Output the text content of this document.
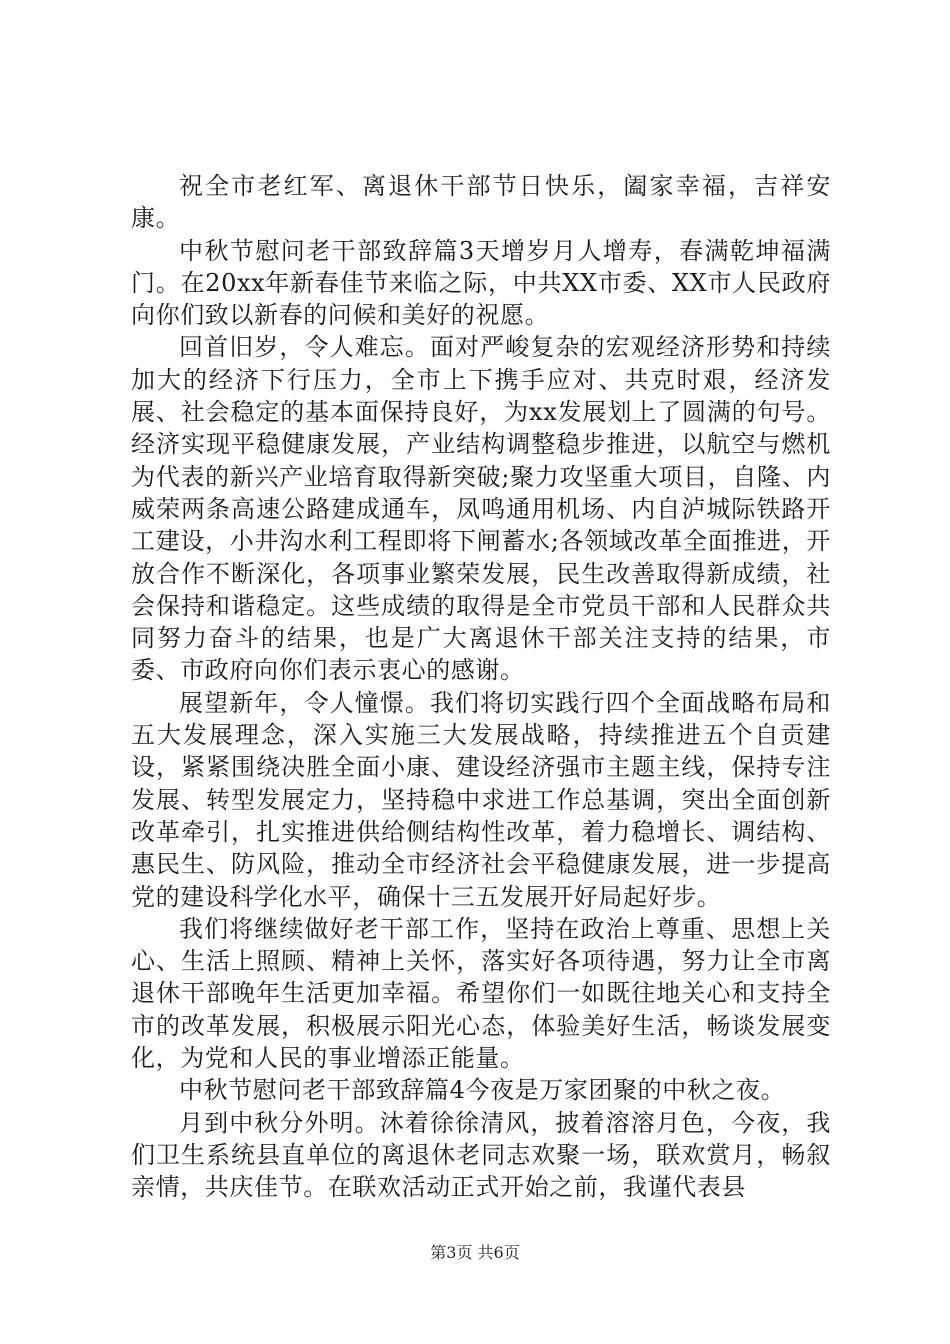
祝全市老红军、离退休干部节日快乐，阖家幸福，吉祥安康。

中秋节慰问老干部致辞篇3天增岁月人增寿，春满乾坤福满门。在20xx年新春佳节来临之际，中共XX市委、XX市人民政府向你们致以新春的问候和美好的祝愿。

回首旧岁，令人难忘。面对严峻复杂的宏观经济形势和持续加大的经济下行压力，全市上下携手应对、共克时艰，经济发展、社会稳定的基本面保持良好，为xx发展划上了圆满的句号。经济实现平稳健康发展，产业结构调整稳步推进，以航空与燃机为代表的新兴产业培育取得新突破;聚力攻坚重大项目，自隆、内威荣两条高速公路建成通车，凤鸣通用机场、内自泸城际铁路开工建设，小井沟水利工程即将下闸蓄水;各领域改革全面推进，开放合作不断深化，各项事业繁荣发展，民生改善取得新成绩，社会保持和谐稳定。这些成绩的取得是全市党员干部和人民群众共同努力奋斗的结果，也是广大离退休干部关注支持的结果，市委、市政府向你们表示衷心的感谢。

展望新年，令人憧憬。我们将切实践行四个全面战略布局和五大发展理念，深入实施三大发展战略，持续推进五个自贡建设，紧紧围绕决胜全面小康、建设经济强市主题主线，保持专注发展、转型发展定力，坚持稳中求进工作总基调，突出全面创新改革牵引，扎实推进供给侧结构性改革，着力稳增长、调结构、惠民生、防风险，推动全市经济社会平稳健康发展，进一步提高党的建设科学化水平，确保十三五发展开好局起好步。

我们将继续做好老干部工作，坚持在政治上尊重、思想上关心、生活上照顾、精神上关怀，落实好各项待遇，努力让全市离退休干部晚年生活更加幸福。希望你们一如既往地关心和支持全市的改革发展，积极展示阳光心态，体验美好生活，畅谈发展变化，为党和人民的事业增添正能量。

中秋节慰问老干部致辞篇4今夜是万家团聚的中秋之夜。

月到中秋分外明。沐着徐徐清风，披着溶溶月色，今夜，我们卫生系统县直单位的离退休老同志欢聚一场，联欢赏月，畅叙亲情，共庆佳节。在联欢活动正式开始之前，我谨代表县

第3页 共6页
